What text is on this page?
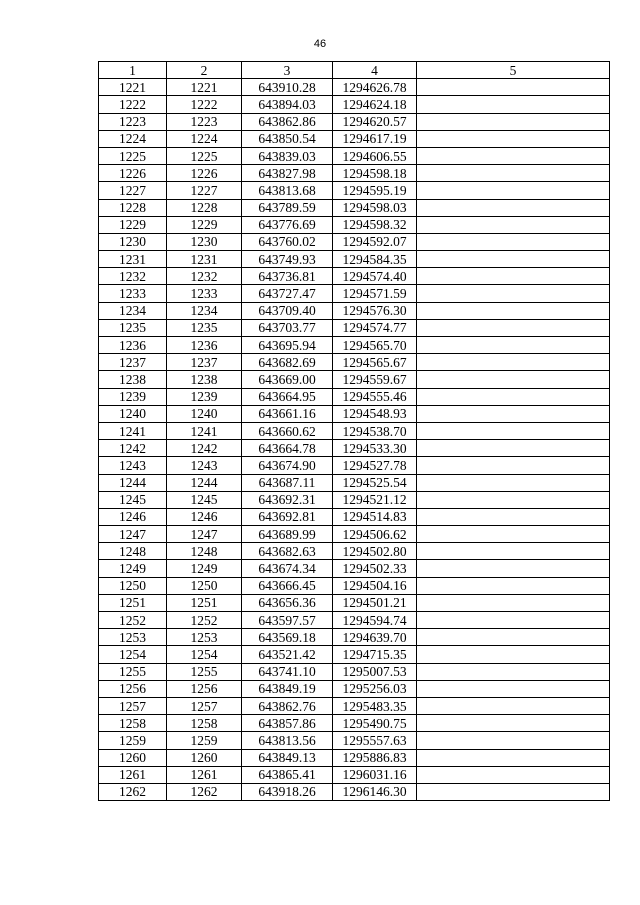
46
1	2	3	4	5
1221	1221	643910.28	1294626.78	
1222	1222	643894.03	1294624.18	
1223	1223	643862.86	1294620.57	
1224	1224	643850.54	1294617.19	
1225	1225	643839.03	1294606.55	
1226	1226	643827.98	1294598.18	
1227	1227	643813.68	1294595.19	
1228	1228	643789.59	1294598.03	
1229	1229	643776.69	1294598.32	
1230	1230	643760.02	1294592.07	
1231	1231	643749.93	1294584.35	
1232	1232	643736.81	1294574.40	
1233	1233	643727.47	1294571.59	
1234	1234	643709.40	1294576.30	
1235	1235	643703.77	1294574.77	
1236	1236	643695.94	1294565.70	
1237	1237	643682.69	1294565.67	
1238	1238	643669.00	1294559.67	
1239	1239	643664.95	1294555.46	
1240	1240	643661.16	1294548.93	
1241	1241	643660.62	1294538.70	
1242	1242	643664.78	1294533.30	
1243	1243	643674.90	1294527.78	
1244	1244	643687.11	1294525.54	
1245	1245	643692.31	1294521.12	
1246	1246	643692.81	1294514.83	
1247	1247	643689.99	1294506.62	
1248	1248	643682.63	1294502.80	
1249	1249	643674.34	1294502.33	
1250	1250	643666.45	1294504.16	
1251	1251	643656.36	1294501.21	
1252	1252	643597.57	1294594.74	
1253	1253	643569.18	1294639.70	
1254	1254	643521.42	1294715.35	
1255	1255	643741.10	1295007.53	
1256	1256	643849.19	1295256.03	
1257	1257	643862.76	1295483.35	
1258	1258	643857.86	1295490.75	
1259	1259	643813.56	1295557.63	
1260	1260	643849.13	1295886.83	
1261	1261	643865.41	1296031.16	
1262	1262	643918.26	1296146.30	
